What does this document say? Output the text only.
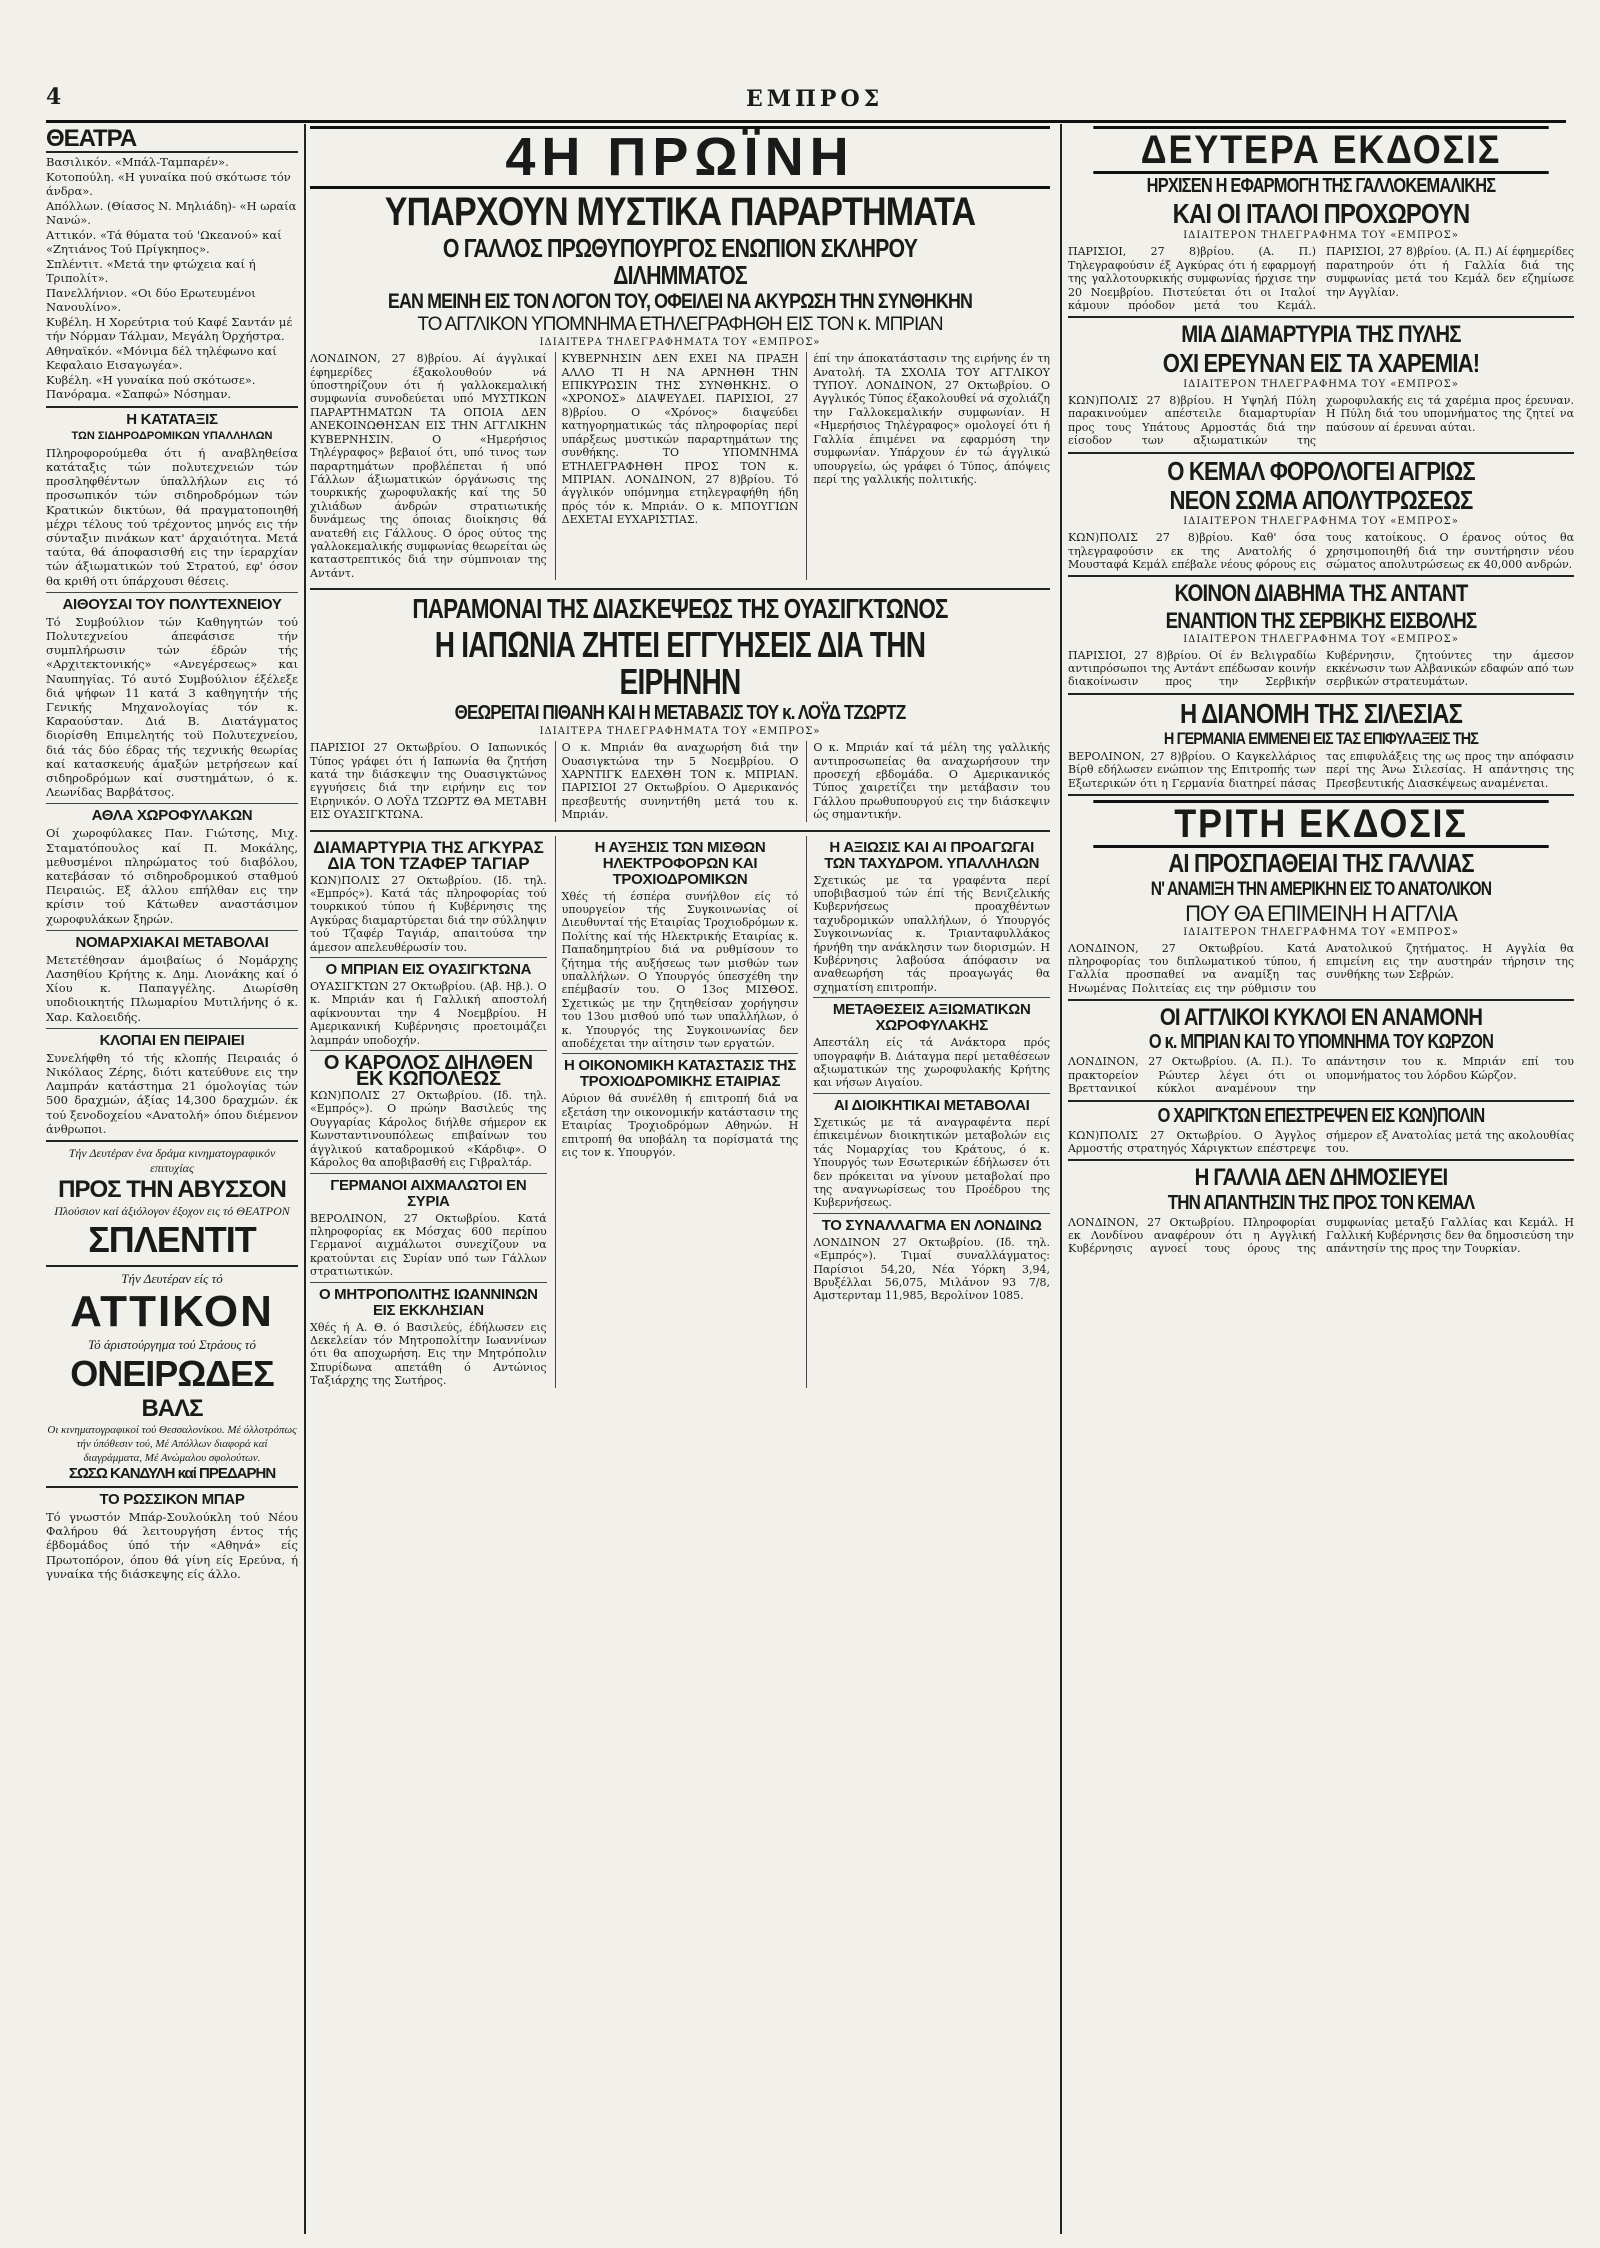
4	ΕΜΠΡΟΣ
ΘΕΑΤΡΑ

Βασιλικόν. «Μπάλ-Ταμπαρέν».

Κοτοπούλη. «Η γυναίκα πού σκότωσε τόν άνδρα».

Απόλλων. (Θίασος Ν. Μηλιάδη)- «Η ωραία Νανώ».

Αττικόν. «Τά θύματα τού 'Ωκεανού» καί «Ζητιάνος Τού Πρίγκηπος».

Σπλέντιτ. «Μετά την φτώχεια καί ή Τριπολίτ».

Πανελλήνιον. «Οι δύο Ερωτευμένοι Νανουλίνο».

Κυβέλη. Η Χορεύτρια τού Καφέ Σαντάν μέ τήν Νόρμαν Τάλμαν, Μεγάλη Όρχήστρα.

Αθηναϊκόν. «Μόνιμα δέλ τηλέφωνο καί Κεφαλαιο Εισαγωγέα».

Κυβέλη. «Η γυναίκα πού σκότωσε».

Πανόραμα. «Σαπφώ» Νόσημαν.

Η ΚΑΤΑΤΑΞΙΣ
ΤΩΝ ΣΙΔΗΡΟΔΡΟΜΙΚΩΝ ΥΠΑΛΛΗΛΩΝ

Πληροφορούμεθα ότι ή αναβληθείσα κατάταξις τών πολυτεχνειών τών προσληφθέντων ύπαλλήλων εις τό προσωπικόν τών σιδηροδρόμων τών Κρατικών δικτύων, θά πραγματοποιηθή μέχρι τέλους τού τρέχοντος μηνός εις τήν σύνταξιν πινάκων κατ' άρχαιότητα. Μετά ταύτα, θά άποφασισθή εις την ίεραρχίαν τών άξιωματικών τού Στρατού, εφ' όσον θα κριθή οτι ύπάρχουσι θέσεις.

ΑΙΘΟΥΣΑΙ ΤΟΥ ΠΟΛΥΤΕΧΝΕΙΟΥ

Τό Συμβούλιον τών Καθηγητών τού Πολυτεχνείου άπεφάσισε τήν συμπλήρωσιν τών έδρών τής «Αρχιτεκτονικής» «Ανεγέρσεως» και Ναυπηγίας. Τό αυτό Συμβούλιον έξέλεξε διά ψήφων 11 κατά 3 καθηγητήν τής Γενικής Μηχανολογίας τόν κ. Καραούσταν. Διά Β. Διατάγματος διορίσθη Επιμελητής τοϋ Πολυτεχνείου, διά τάς δύο έδρας τής τεχνικής θεωρίας καί κατασκευής άμαξών μετρήσεων καί σιδηροδρόμων καί συστημάτων, ό κ. Λεωνίδας Βαρβάτσος.

ΑΘΛΑ ΧΩΡΟΦΥΛΑΚΩΝ

Οί χωροφύλακες Παν. Γιώτσης, Μιχ. Σταματόπουλος καί Π. Μοκάλης, μεθυσμένοι πληρώματος τού διαβόλου, κατεβάσαν τό σιδηροδρομικού σταθμού Πειραιώς. Εξ άλλου επήλθαν εις την κρίσιν τού Κάτωθεν αναστάσιμον χωροφυλάκων ξηρών.

ΝΟΜΑΡΧΙΑΚΑΙ ΜΕΤΑΒΟΛΑΙ

Μετετέθησαν άμοιβαίως ό Νομάρχης Λασηθίου Κρήτης κ. Δημ. Λιονάκης καί ό Χίου κ. Παπαγγέλης. Διωρίσθη υποδιοικητής Πλωμαρίου Μυτιλήνης ό κ. Χαρ. Καλοειδής.

ΚΛΟΠΑΙ ΕΝ ΠΕΙΡΑΙΕΙ

Συνελήφθη τό τής κλοπής Πειραιάς ό Νικόλαος Ζέρης, διότι κατεύθυνε εις την Λαμπράν κατάστημα 21 όμολογίας τών 500 δραχμών, άξίας 14,300 δραχμών. έκ τού ξενοδοχείου «Ανατολή» όπου διέμενον άνθρωποι.

Τήν Δευτέραν ένα δράμα κινηματογραφικόν επιτυχίας
ΠΡΟΣ ΤΗΝ ΑΒΥΣΣΟΝ
Πλούσιον καί άξιόλογον έξοχον εις τό ΘΕΑΤΡΟΝ
ΣΠΛΕΝΤΙΤ
Τήν Δευτέραν είς τό
ΑΤΤΙΚΟΝ
Τό άριστούργημα τού Στράους τό
ΟΝΕΙΡΩΔΕΣ
ΒΑΛΣ
Οι κινηματογραφικοί τού Θεσσαλονίκου. Μέ όλλοτρόπως τήν ύπόθεσιν τού, Μέ Απόλλων διαφορά καί διαγράμματα, Μέ Ανώμαλου σφολούτων.
ΣΩΣΩ ΚΑΝΔΥΛΗ καί ΠΡΕΔΑΡΗΝ
ΤΟ ΡΩΣΣΙΚΟΝ ΜΠΑΡ

Τό γνωστόν Μπάρ-Σουλούκλη τού Νέου Φαλήρου θά λειτουργήση έντος τής έβδομάδος ύπό τήν «Αθηνά» είς Πρωτοπόρον, όπου θά γίνη είς Ερεύνα, ή γυναίκα τής διάσκεψης είς άλλο.

4Η ΠΡΩΪΝΗ
ΥΠΑΡΧΟΥΝ ΜΥΣΤΙΚΑ ΠΑΡΑΡΤΗΜΑΤΑ
Ο ΓΑΛΛΟΣ ΠΡΩΘΥΠΟΥΡΓΟΣ ΕΝΩΠΙΟΝ ΣΚΛΗΡΟΥ ΔΙΛΗΜΜΑΤΟΣ
ΕΑΝ ΜΕΙΝΗ ΕΙΣ ΤΟΝ ΛΟΓΟΝ ΤΟΥ, ΟΦΕΙΛΕΙ ΝΑ ΑΚΥΡΩΣΗ ΤΗΝ ΣΥΝΘΗΚΗΝ
ΤΟ ΑΓΓΛΙΚΟΝ ΥΠΟΜΝΗΜΑ ΕΤΗΛΕΓΡΑΦΗΘΗ ΕΙΣ ΤΟΝ κ. ΜΠΡΙΑΝ
ΙΔΙΑΙΤΕΡΑ ΤΗΛΕΓΡΑΦΗΜΑΤΑ ΤΟΥ «ΕΜΠΡΟΣ»

ΛΟΝΔΙΝΟΝ, 27 8)βρίου. Αί άγγλικαί έφημερίδες έξακολουθούν νά ύποστηρίζουν ότι ή γαλλοκεμαλική συμφωνία συνοδεύεται υπό ΜΥΣΤΙΚΩΝ ΠΑΡΑΡΤΗΜΑΤΩΝ ΤΑ ΟΠΟΙΑ ΔΕΝ ΑΝΕΚΟΙΝΩΘΗΣΑΝ ΕΙΣ ΤΗΝ ΑΓΓΛΙΚΗΝ ΚΥΒΕΡΝΗΣΙΝ. Ο «Ημερήσιος Τηλέγραφος» βεβαιοί ότι, υπό τινος των παραρτημάτων προβλέπεται ή υπό Γάλλων άξιωματικών όργάνωσις της τουρκικής χωροφυλακής καί της 50 χιλιάδων άνδρών στρατιωτικής δυνάμεως της όποιας διοίκησις θά ανατεθή εις Γάλλους. Ο όρος ούτος της γαλλοκεμαλικής συμφωνίας θεωρείται ώς καταστρεπτικός διά την σύμπνοιαν της Αντάντ.

ΚΥΒΕΡΝΗΣΙΝ ΔΕΝ ΕΧΕΙ ΝΑ ΠΡΑΞΗ ΑΛΛΟ ΤΙ Η ΝΑ ΑΡΝΗΘΗ ΤΗΝ ΕΠΙΚΥΡΩΣΙΝ ΤΗΣ ΣΥΝΘΗΚΗΣ. Ο «ΧΡΟΝΟΣ» ΔΙΑΨΕΥΔΕΙ. ΠΑΡΙΣΙΟΙ, 27 8)βρίου. Ο «Χρόνος» διαψεύδει κατηγορηματικώς τάς πληροφορίας περί υπάρξεως μυστικών παραρτημάτων της συνθήκης. ΤΟ ΥΠΟΜΝΗΜΑ ΕΤΗΛΕΓΡΑΦΗΘΗ ΠΡΟΣ ΤΟΝ κ. ΜΠΡΙΑΝ. ΛΟΝΔΙΝΟΝ, 27 8)βρίου. Τό άγγλικόν υπόμνημα ετηλεγραφήθη ήδη πρός τόν κ. Μπριάν. Ο κ. ΜΠΟΥΓΙΩΝ ΔΕΧΕΤΑΙ ΕΥΧΑΡΙΣΤΙΑΣ.

έπί την άποκατάστασιν της ειρήνης έν τη Ανατολή. ΤΑ ΣΧΟΛΙΑ ΤΟΥ ΑΓΓΛΙΚΟΥ ΤΥΠΟΥ. ΛΟΝΔΙΝΟΝ, 27 Οκτωβρίου. Ο Αγγλικός Τύπος έξακολουθεί νά σχολιάζη την Γαλλοκεμαλικήν συμφωνίαν. Η «Ημερήσιος Τηλέγραφος» ομολογεί ότι ή Γαλλία έπιμένει να εφαρμόση την συμφωνίαν. Υπάρχουν έν τώ άγγλικώ υπουργείω, ώς γράφει ό Τύπος, άπόψεις περί της γαλλικής πολιτικής.

ΠΑΡΑΜΟΝΑΙ ΤΗΣ ΔΙΑΣΚΕΨΕΩΣ ΤΗΣ ΟΥΑΣΙΓΚΤΩΝΟΣ
Η ΙΑΠΩΝΙΑ ΖΗΤΕΙ ΕΓΓΥΗΣΕΙΣ ΔΙΑ ΤΗΝ ΕΙΡΗΝΗΝ
ΘΕΩΡΕΙΤΑΙ ΠΙΘΑΝΗ ΚΑΙ Η ΜΕΤΑΒΑΣΙΣ ΤΟΥ κ. ΛΟΫΔ ΤΖΩΡΤΖ
ΙΔΙΑΙΤΕΡΑ ΤΗΛΕΓΡΑΦΗΜΑΤΑ ΤΟΥ «ΕΜΠΡΟΣ»

ΠΑΡΙΣΙΟΙ 27 Οκτωβρίου. Ο Ιαπωνικός Τύπος γράφει ότι ή Ιαπωνία θα ζητήση κατά την διάσκεψιν της Ουασιγκτώνος εγγυήσεις διά την ειρήνην εις τον Ειρηνικόν. Ο ΛΟΫΔ ΤΖΩΡΤΖ ΘΑ ΜΕΤΑΒΗ ΕΙΣ ΟΥΑΣΙΓΚΤΩΝΑ.

Ο κ. Μπριάν θα αναχωρήση διά την Ουασιγκτώνα την 5 Νοεμβρίου. Ο ΧΑΡΝΤΙΓΚ ΕΔΕΧΘΗ ΤΟΝ κ. ΜΠΡΙΑΝ. ΠΑΡΙΣΙΟΙ 27 Οκτωβρίου. Ο Αμερικανός πρεσβευτής συνηντήθη μετά του κ. Μπριάν.

Ο κ. Μπριάν καί τά μέλη της γαλλικής αντιπροσωπείας θα αναχωρήσουν την προσεχή εβδομάδα. Ο Αμερικανικός Τύπος χαιρετίζει την μετάβασιν του Γάλλου πρωθυπουργού εις την διάσκεψιν ώς σημαντικήν.

ΔΙΑΜΑΡΤΥΡΙΑ ΤΗΣ ΑΓΚΥΡΑΣ ΔΙΑ ΤΟΝ ΤΖΑΦΕΡ ΤΑΓΙΑΡ

ΚΩΝ)ΠΟΛΙΣ 27 Οκτωβρίου. (Ιδ. τηλ. «Εμπρός»). Κατά τάς πληροφορίας τού τουρκικού τύπου ή Κυβέρνησις της Αγκύρας διαμαρτύρεται διά την σύλληψιν τού Τζαφέρ Ταγιάρ, απαιτούσα την άμεσον απελευθέρωσίν του.

Ο ΜΠΡΙΑΝ ΕΙΣ ΟΥΑΣΙΓΚΤΩΝΑ

ΟΥΑΣΙΓΚΤΩΝ 27 Οκτωβρίου. (Αβ. Ηβ.). Ο κ. Μπριάν και ή Γαλλική αποστολή αφίκνουνται την 4 Νοεμβρίου. Η Αμερικανική Κυβέρνησις προετοιμάζει λαμπράν υποδοχήν.

Ο ΚΑΡΟΛΟΣ ΔΙΗΛΘΕΝ ΕΚ ΚΩΠΟΛΕΩΣ

ΚΩΝ)ΠΟΛΙΣ 27 Οκτωβρίου. (Ιδ. τηλ. «Εμπρός»). Ο πρώην Βασιλεύς της Ουγγαρίας Κάρολος διήλθε σήμερον εκ Κωνσταντινουπόλεως επιβαίνων του άγγλικού καταδρομικού «Κάρδιφ». Ο Κάρολος θα αποβιβασθή εις Γιβραλτάρ.

ΓΕΡΜΑΝΟΙ ΑΙΧΜΑΛΩΤΟΙ ΕΝ ΣΥΡΙΑ

ΒΕΡΟΛΙΝΟΝ, 27 Οκτωβρίου. Κατά πληροφορίας εκ Μόσχας 600 περίπου Γερμανοί αιχμάλωτοι συνεχίζουν να κρατούνται εις Συρίαν υπό των Γάλλων στρατιωτικών.

Ο ΜΗΤΡΟΠΟΛΙΤΗΣ ΙΩΑΝΝΙΝΩΝ ΕΙΣ ΕΚΚΛΗΣΙΑΝ

Χθές ή Α. Θ. ό Βασιλεύς, έδήλωσεν εις Δεκελείαν τόν Μητροπολίτην Ιωαννίνων ότι θα αποχωρήση. Εις την Μητρόπολιν Σπυρίδωνα απετάθη ό Αντώνιος Ταξιάρχης της Σωτήρος.

Η ΑΥΞΗΣΙΣ ΤΩΝ ΜΙΣΘΩΝ ΗΛΕΚΤΡΟΦΟΡΩΝ ΚΑΙ ΤΡΟΧΙΟΔΡΟΜΙΚΩΝ

Χθές τή έσπέρα συνήλθον είς τό υπουργείον τής Συγκοινωνίας οί Διευθυνταί τής Εταιρίας Τροχιοδρόμων κ. Πολίτης καί τής Ηλεκτρικής Εταιρίας κ. Παπαδημητρίου διά να ρυθμίσουν το ζήτημα τής αυξήσεως των μισθών των υπαλλήλων. Ο Υπουργός ύπεσχέθη την επέμβασίν του. Ο 13ος ΜΙΣΘΟΣ. Σχετικώς με την ζητηθείσαν χορήγησιν του 13ου μισθού υπό των υπαλλήλων, ό κ. Υπουργός της Συγκοινωνίας δεν αποδέχεται την αίτησιν των εργατών.

Η ΟΙΚΟΝΟΜΙΚΗ ΚΑΤΑΣΤΑΣΙΣ ΤΗΣ ΤΡΟΧΙΟΔΡΟΜΙΚΗΣ ΕΤΑΙΡΙΑΣ

Αύριον θά συνέλθη ή επιτροπή διά να εξετάση την οικονομικήν κατάστασιν της Εταιρίας Τροχιοδρόμων Αθηνών. Η επιτροπή θα υποβάλη τα πορίσματά της εις τον κ. Υπουργόν.

Η ΑΞΙΩΣΙΣ ΚΑΙ ΑΙ ΠΡΟΑΓΩΓΑΙ ΤΩΝ ΤΑΧΥΔΡΟΜ. ΥΠΑΛΛΗΛΩΝ

Σχετικώς με τα γραφέντα περί υποβιβασμού τών έπί τής Βενιζελικής Κυβερνήσεως προαχθέντων ταχυδρομικών υπαλλήλων, ό Υπουργός Συγκοινωνίας κ. Τριανταφυλλάκος ήρνήθη την ανάκλησιν των διορισμών. Η Κυβέρνησις λαβούσα άπόφασιν να αναθεωρήση τάς προαγωγάς θα σχηματίση επιτροπήν.

ΜΕΤΑΘΕΣΕΙΣ ΑΞΙΩΜΑΤΙΚΩΝ ΧΩΡΟΦΥΛΑΚΗΣ

Απεστάλη είς τά Ανάκτορα πρός υπογραφήν Β. Διάταγμα περί μεταθέσεων αξιωματικών της χωροφυλακής Κρήτης και νήσων Αιγαίου.

ΑΙ ΔΙΟΙΚΗΤΙΚΑΙ ΜΕΤΑΒΟΛΑΙ

Σχετικώς με τά αναγραφέντα περί έπικειμένων διοικητικών μεταβολών εις τάς Νομαρχίας του Κράτους, ό κ. Υπουργός των Εσωτερικών έδήλωσεν ότι δεν πρόκειται να γίνουν μεταβολαί προ της αναγνωρίσεως του Προέδρου της Κυβερνήσεως.

ΤΟ ΣΥΝΑΛΛΑΓΜΑ ΕΝ ΛΟΝΔΙΝΩ

ΛΟΝΔΙΝΟΝ 27 Οκτωβρίου. (Ιδ. τηλ. «Εμπρός»). Τιμαί συναλλάγματος: Παρίσιοι 54,20, Νέα Υόρκη 3,94, Βρυξέλλαι 56,075, Μιλάνον 93 7/8, Αμστερνταμ 11,985, Βερολίνον 1085.

ΔΕΥΤΕΡΑ ΕΚΔΟΣΙΣ
ΗΡΧΙΣΕΝ Η ΕΦΑΡΜΟΓΗ ΤΗΣ ΓΑΛΛΟΚΕΜΑΛΙΚΗΣ
ΚΑΙ ΟΙ ΙΤΑΛΟΙ ΠΡΟΧΩΡΟΥΝ
ΙΔΙΑΙΤΕΡΟΝ ΤΗΛΕΓΡΑΦΗΜΑ ΤΟΥ «ΕΜΠΡΟΣ»

ΠΑΡΙΣΙΟΙ, 27 8)βρίου. (Α. Π.) Τηλεγραφούσιν έξ Αγκύρας ότι ή εφαρμογή της γαλλοτουρκικής συμφωνίας ήρχισε την 20 Νοεμβρίου. Πιστεύεται ότι οι Ιταλοί κάμουν πρόοδον μετά του Κεμάλ. ΠΑΡΙΣΙΟΙ, 27 8)βρίου. (Α. Π.) Αί έφημερίδες παρατηρούν ότι ή Γαλλία διά της συμφωνίας μετά του Κεμάλ δεν εζημίωσε την Αγγλίαν.

ΜΙΑ ΔΙΑΜΑΡΤΥΡΙΑ ΤΗΣ ΠΥΛΗΣ
ΟΧΙ ΕΡΕΥΝΑΝ ΕΙΣ ΤΑ ΧΑΡΕΜΙΑ!
ΙΔΙΑΙΤΕΡΟΝ ΤΗΛΕΓΡΑΦΗΜΑ ΤΟΥ «ΕΜΠΡΟΣ»

ΚΩΝ)ΠΟΛΙΣ 27 8)βρίου. Η Υψηλή Πύλη παρακινούμεν απέστειλε διαμαρτυρίαν προς τους Υπάτους Αρμοστάς διά την είσοδον των αξιωματικών της χωροφυλακής εις τά χαρέμια προς έρευναν. Η Πύλη διά του υπομνήματος της ζητεί να παύσουν αί έρευναι αύται.

Ο ΚΕΜΑΛ ΦΟΡΟΛΟΓΕΙ ΑΓΡΙΩΣ
ΝΕΟΝ ΣΩΜΑ ΑΠΟΛΥΤΡΩΣΕΩΣ
ΙΔΙΑΙΤΕΡΟΝ ΤΗΛΕΓΡΑΦΗΜΑ ΤΟΥ «ΕΜΠΡΟΣ»

ΚΩΝ)ΠΟΛΙΣ 27 8)βρίου. Καθ' όσα τηλεγραφούσιν εκ της Ανατολής ό Μουσταφά Κεμάλ επέβαλε νέους φόρους εις τους κατοίκους. Ο έρανος ούτος θα χρησιμοποιηθή διά την συντήρησιν νέου σώματος απολυτρώσεως εκ 40,000 ανδρών.

ΚΟΙΝΟΝ ΔΙΑΒΗΜΑ ΤΗΣ ΑΝΤΑΝΤ
ΕΝΑΝΤΙΟΝ ΤΗΣ ΣΕΡΒΙΚΗΣ ΕΙΣΒΟΛΗΣ
ΙΔΙΑΙΤΕΡΟΝ ΤΗΛΕΓΡΑΦΗΜΑ ΤΟΥ «ΕΜΠΡΟΣ»

ΠΑΡΙΣΙΟΙ, 27 8)βρίου. Οί έν Βελιγραδίω αντιπρόσωποι της Αντάντ επέδωσαν κοινήν διακοίνωσιν προς την Σερβικήν Κυβέρνησιν, ζητούντες την άμεσον εκκένωσιν των Αλβανικών εδαφών από των σερβικών στρατευμάτων.

Η ΔΙΑΝΟΜΗ ΤΗΣ ΣΙΛΕΣΙΑΣ
Η ΓΕΡΜΑΝΙΑ ΕΜΜΕΝΕΙ ΕΙΣ ΤΑΣ ΕΠΙΦΥΛΑΞΕΙΣ ΤΗΣ

ΒΕΡΟΛΙΝΟΝ, 27 8)βρίου. Ο Καγκελλάριος Βίρθ εδήλωσεν ενώπιον της Επιτροπής των Εξωτερικών ότι η Γερμανία διατηρεί πάσας τας επιφυλάξεις της ως προς την απόφασιν περί της Άνω Σιλεσίας. Η απάντησις της Πρεσβευτικής Διασκέψεως αναμένεται.

ΤΡΙΤΗ ΕΚΔΟΣΙΣ
ΑΙ ΠΡΟΣΠΑΘΕΙΑΙ ΤΗΣ ΓΑΛΛΙΑΣ
Ν' ΑΝΑΜΙΞΗ ΤΗΝ ΑΜΕΡΙΚΗΝ ΕΙΣ ΤΟ ΑΝΑΤΟΛΙΚΟΝ
ΠΟΥ ΘΑ ΕΠΙΜΕΙΝΗ Η ΑΓΓΛΙΑ
ΙΔΙΑΙΤΕΡΟΝ ΤΗΛΕΓΡΑΦΗΜΑ ΤΟΥ «ΕΜΠΡΟΣ»

ΛΟΝΔΙΝΟΝ, 27 Οκτωβρίου. Κατά πληροφορίας του διπλωματικού τύπου, ή Γαλλία προσπαθεί να αναμίξη τας Ηνωμένας Πολιτείας εις την ρύθμισιν του Ανατολικού ζητήματος. Η Αγγλία θα επιμείνη εις την αυστηράν τήρησιν της συνθήκης των Σεβρών.

ΟΙ ΑΓΓΛΙΚΟΙ ΚΥΚΛΟΙ ΕΝ ΑΝΑΜΟΝΗ
Ο κ. ΜΠΡΙΑΝ ΚΑΙ ΤΟ ΥΠΟΜΝΗΜΑ ΤΟΥ ΚΩΡΖΟΝ

ΛΟΝΔΙΝΟΝ, 27 Οκτωβρίου. (Α. Π.). Το πρακτορείον Ρώυτερ λέγει ότι οι Βρεττανικοί κύκλοι αναμένουν την απάντησιν του κ. Μπριάν επί του υπομνήματος του λόρδου Κώρζον.

Ο ΧΑΡΙΓΚΤΩΝ ΕΠΕΣΤΡΕΨΕΝ ΕΙΣ ΚΩΝ)ΠΟΛΙΝ

ΚΩΝ)ΠΟΛΙΣ 27 Οκτωβρίου. Ο Άγγλος Αρμοστής στρατηγός Χάριγκτων επέστρεψε σήμερον εξ Ανατολίας μετά της ακολουθίας του.

Η ΓΑΛΛΙΑ ΔΕΝ ΔΗΜΟΣΙΕΥΕΙ
ΤΗΝ ΑΠΑΝΤΗΣΙΝ ΤΗΣ ΠΡΟΣ ΤΟΝ ΚΕΜΑΛ

ΛΟΝΔΙΝΟΝ, 27 Οκτωβρίου. Πληροφορίαι εκ Λονδίνου αναφέρουν ότι η Αγγλική Κυβέρνησις αγνοεί τους όρους της συμφωνίας μεταξύ Γαλλίας και Κεμάλ. Η Γαλλική Κυβέρνησις δεν θα δημοσιεύση την απάντησίν της προς την Τουρκίαν.
